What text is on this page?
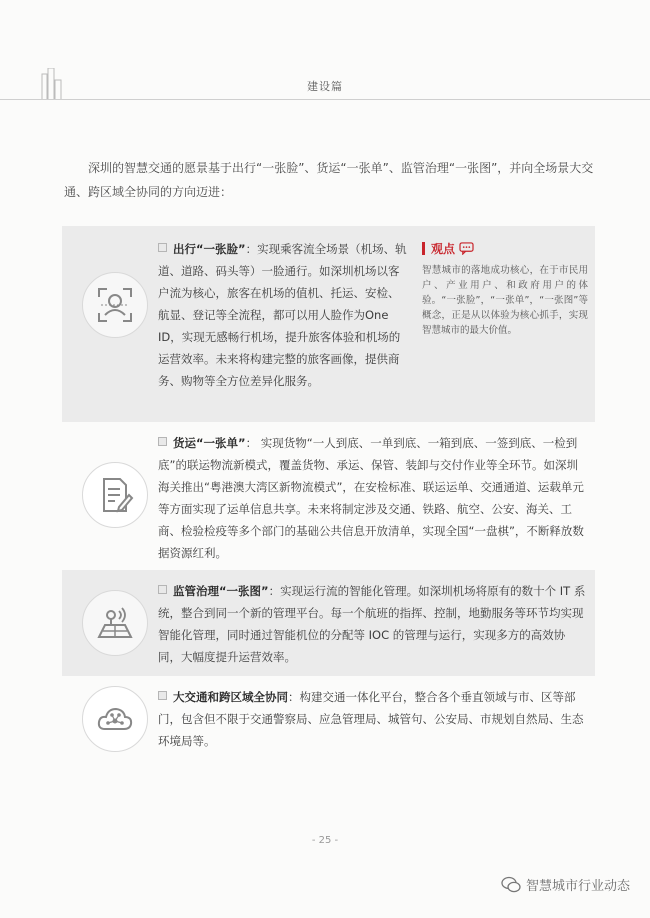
建设篇
深圳的智慧交通的愿景基于出行“一张脸”、货运“一张单”、监管治理“一张图”，并向全场景大交通、跨区域全协同的方向迈进：
出行“一张脸”：实现乘客流全场景（机场、轨道、道路、码头等）一脸通行。如深圳机场以客户流为核心，旅客在机场的值机、托运、安检、航显、登记等全流程，都可以用人脸作为One ID，实现无感畅行机场，提升旅客体验和机场的运营效率。未来将构建完整的旅客画像，提供商务、购物等全方位差异化服务。
观点
智慧城市的落地成功核心，在于市民用户、产业用户、和政府用户的体验。“一张脸”，“一张单”，“一张图”等概念，正是从以体验为核心抓手，实现智慧城市的最大价值。
货运“一张单”： 实现货物“一人到底、一单到底、一箱到底、一签到底、一检到底”的联运物流新模式，覆盖货物、承运、保管、装卸与交付作业等全环节。如深圳海关推出“粤港澳大湾区新物流模式”，在安检标准、联运运单、交通通道、运载单元等方面实现了运单信息共享。未来将制定涉及交通、铁路、航空、公安、海关、工商、检验检疫等多个部门的基础公共信息开放清单，实现全国“一盘棋”，不断释放数据资源红利。
监管治理“一张图”：实现运行流的智能化管理。如深圳机场将原有的数十个 IT 系统，整合到同一个新的管理平台。每一个航班的指挥、控制，地勤服务等环节均实现智能化管理，同时通过智能机位的分配等 IOC 的管理与运行，实现多方的高效协同，大幅度提升运营效率。
大交通和跨区域全协同：构建交通一体化平台，整合各个垂直领域与市、区等部门，包含但不限于交通警察局、应急管理局、城管句、公安局、市规划自然局、生态环境局等。
- 25 -
智慧城市行业动态
